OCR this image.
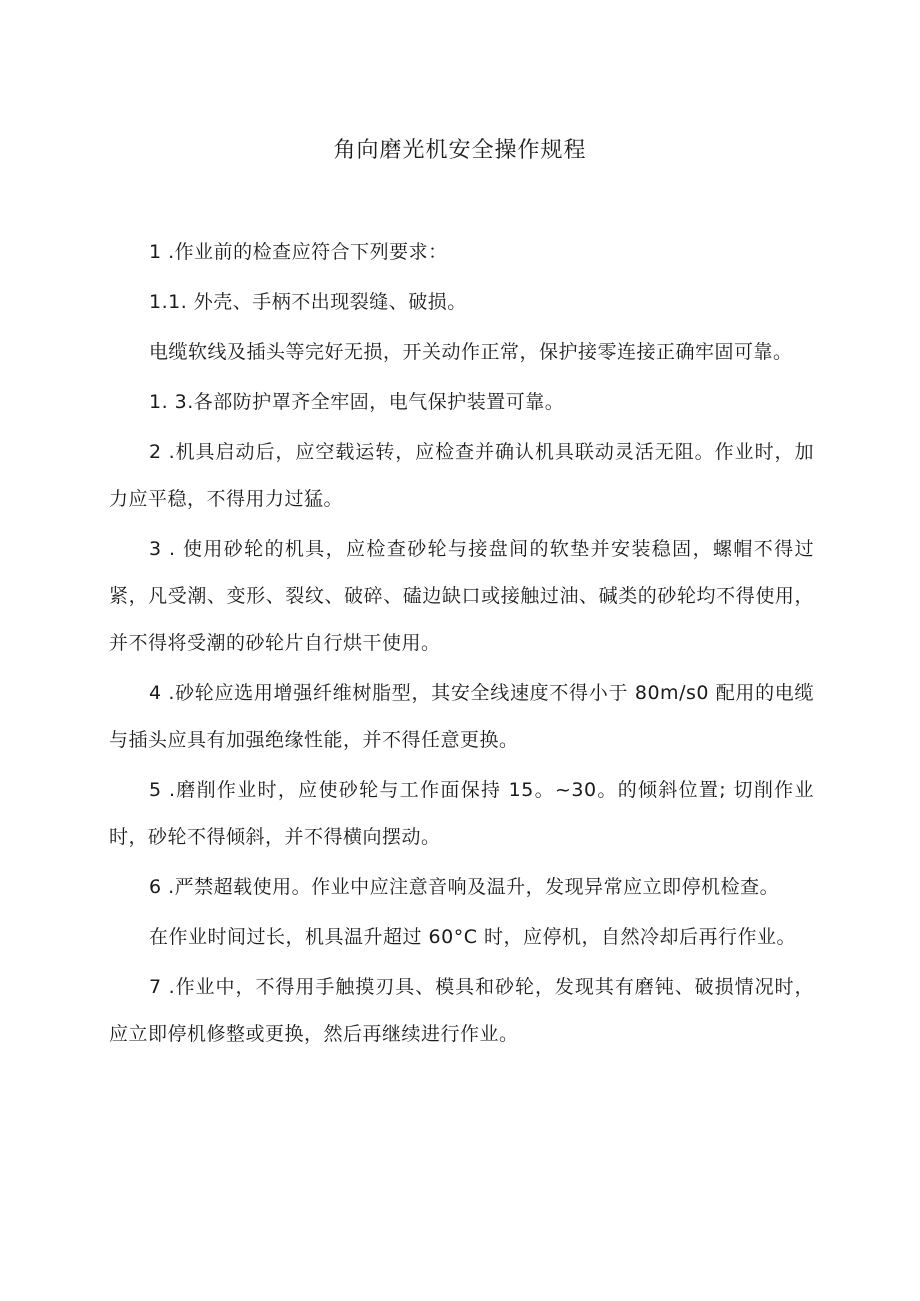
角向磨光机安全操作规程

1 .作业前的检查应符合下列要求：

1.1. 外壳、手柄不出现裂缝、破损。

电缆软线及插头等完好无损，开关动作正常，保护接零连接正确牢固可靠。

1. 3.各部防护罩齐全牢固，电气保护装置可靠。

2 .机具启动后，应空载运转，应检查并确认机具联动灵活无阻。作业时，加力应平稳，不得用力过猛。

3 . 使用砂轮的机具，应检查砂轮与接盘间的软垫并安装稳固，螺帽不得过紧，凡受潮、变形、裂纹、破碎、磕边缺口或接触过油、碱类的砂轮均不得使用，并不得将受潮的砂轮片自行烘干使用。

4 .砂轮应选用增强纤维树脂型，其安全线速度不得小于 80m∕s0 配用的电缆与插头应具有加强绝缘性能，并不得任意更换。

5 .磨削作业时，应使砂轮与工作面保持 15。~30。的倾斜位置; 切削作业时，砂轮不得倾斜，并不得横向摆动。

6 .严禁超载使用。作业中应注意音响及温升，发现异常应立即停机检查。

在作业时间过长，机具温升超过 60°C 时，应停机，自然冷却后再行作业。

7 .作业中，不得用手触摸刃具、模具和砂轮，发现其有磨钝、破损情况时，应立即停机修整或更换，然后再继续进行作业。
